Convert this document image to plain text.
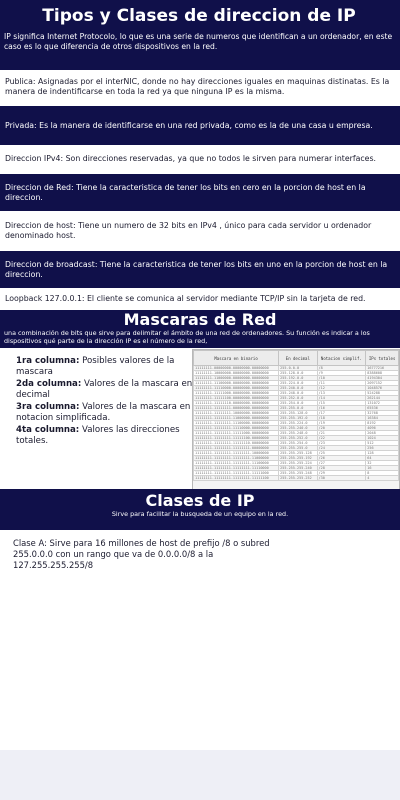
Tipos y Clases de direccion de IP

IP significa Internet Protocolo, lo que es una serie de numeros que identifican a un ordenador, en este caso es lo que diferencia de otros dispositivos en la red.

Publica: Asignadas por el interNIC, donde no hay direcciones iguales en maquinas distinatas. Es la manera de indentificarse en toda la red ya que ninguna IP es la misma.
Privada: Es la manera de identificarse en una red privada, como es la de una casa u empresa.
Direccion IPv4: Son direcciones reservadas, ya que no todos le sirven para numerar interfaces.
Direccion de Red: Tiene la caracteristica de tener los bits en cero en la porcion de host en la direccion.
Direccion de host: Tiene un numero de 32 bits en IPv4 , único para cada servidor u ordenador denominado host.
Direccion de broadcast: Tiene la caracteristica de tener los bits en uno en la porcion de host en la direccion.
Loopback 127.0.0.1: El cliente se comunica al servidor mediante TCP/IP sin la tarjeta de red.
Mascaras de Red

una combinación de bits que sirve para delimitar el ámbito de una red de ordenadores. Su función es indicar a los dispositivos qué parte de la dirección IP es el número de la red,

1ra columna: Posibles valores de la mascara
2da columna: Valores de la mascara en decimal
3ra columna: Valores de la mascara en notacion simplificada.
4ta columna: Valores las direcciones totales.
Mascara en binario	En decimal	Notacion simplif.	IPs totales
11111111.00000000.00000000.00000000	255.0.0.0	/8	16777216
11111111.10000000.00000000.00000000	255.128.0.0	/9	8388608
11111111.11000000.00000000.00000000	255.192.0.0	/10	4194304
11111111.11100000.00000000.00000000	255.224.0.0	/11	2097152
11111111.11110000.00000000.00000000	255.240.0.0	/12	1048576
11111111.11111000.00000000.00000000	255.248.0.0	/13	524288
11111111.11111100.00000000.00000000	255.252.0.0	/14	262144
11111111.11111110.00000000.00000000	255.254.0.0	/15	131072
11111111.11111111.00000000.00000000	255.255.0.0	/16	65536
11111111.11111111.10000000.00000000	255.255.128.0	/17	32768
11111111.11111111.11000000.00000000	255.255.192.0	/18	16384
11111111.11111111.11100000.00000000	255.255.224.0	/19	8192
11111111.11111111.11110000.00000000	255.255.240.0	/20	4096
11111111.11111111.11111000.00000000	255.255.248.0	/21	2048
11111111.11111111.11111100.00000000	255.255.252.0	/22	1024
11111111.11111111.11111110.00000000	255.255.254.0	/23	512
11111111.11111111.11111111.00000000	255.255.255.0	/24	256
11111111.11111111.11111111.10000000	255.255.255.128	/25	128
11111111.11111111.11111111.11000000	255.255.255.192	/26	64
11111111.11111111.11111111.11100000	255.255.255.224	/27	32
11111111.11111111.11111111.11110000	255.255.255.240	/28	16
11111111.11111111.11111111.11111000	255.255.255.248	/29	8
11111111.11111111.11111111.11111100	255.255.255.252	/30	4
Clases de IP

Sirve para facilitar la busqueda de un equipo en la red.

Clase A: Sirve para 16 millones de host de prefijo /8 o subred 255.0.0.0 con un rango que va de 0.0.0.0/8 a la 127.255.255.255/8
